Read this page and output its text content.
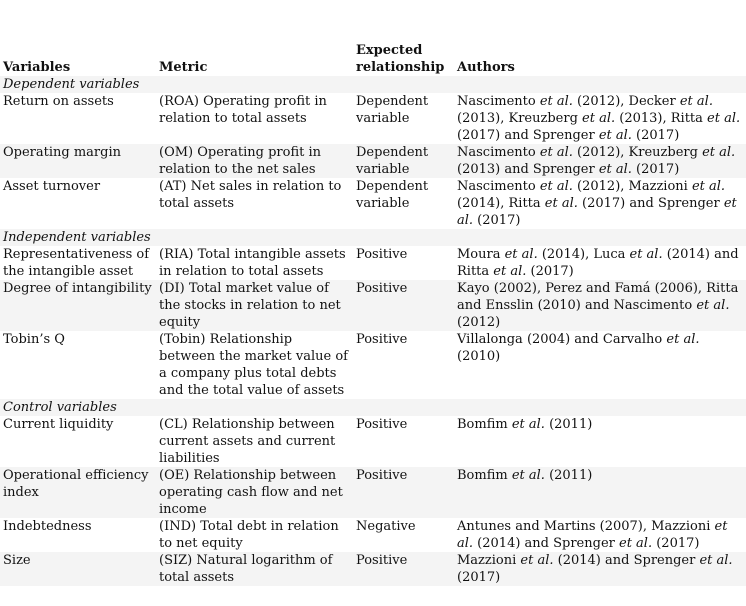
Variables	Metric	Expected relationship	Authors
Dependent variables			
Return on assets	(ROA) Operating profit in relation to total assets	Dependent variable	Nascimento et al. (2012), Decker et al. (2013), Kreuzberg et al. (2013), Ritta et al. (2017) and Sprenger et al. (2017)
Operating margin	(OM) Operating profit in relation to the net sales	Dependent variable	Nascimento et al. (2012), Kreuzberg et al. (2013) and Sprenger et al. (2017)
Asset turnover	(AT) Net sales in relation to total assets	Dependent variable	Nascimento et al. (2012), Mazzioni et al. (2014), Ritta et al. (2017) and Sprenger et al. (2017)
Independent variables			
Representativeness of the intangible asset	(RIA) Total intangible assets in relation to total assets	Positive	Moura et al. (2014), Luca et al. (2014) and Ritta et al. (2017)
Degree of intangibility	(DI) Total market value of the stocks in relation to net equity	Positive	Kayo (2002), Perez and Famá (2006), Ritta and Ensslin (2010) and Nascimento et al. (2012)
Tobin’s Q	(Tobin) Relationship between the market value of a company plus total debts and the total value of assets	Positive	Villalonga (2004) and Carvalho et al. (2010)
Control variables			
Current liquidity	(CL) Relationship between current assets and current liabilities	Positive	Bomfim et al. (2011)
Operational efficiency index	(OE) Relationship between operating cash flow and net income	Positive	Bomfim et al. (2011)
Indebtedness	(IND) Total debt in relation to net equity	Negative	Antunes and Martins (2007), Mazzioni et al. (2014) and Sprenger et al. (2017)
Size	(SIZ) Natural logarithm of total assets	Positive	Mazzioni et al. (2014) and Sprenger et al. (2017)
